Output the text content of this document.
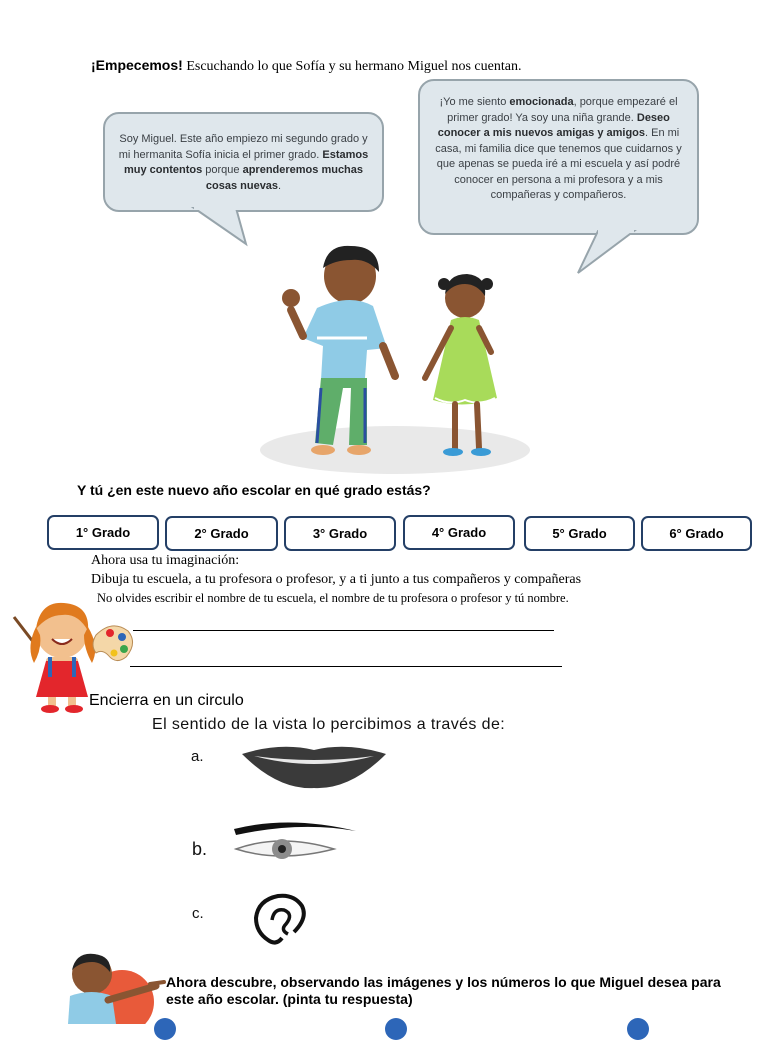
¡Empecemos! Escuchando lo que Sofía y su hermano Miguel nos cuentan.
Soy Miguel. Este año empiezo mi segundo grado y mi hermanita Sofía inicia el primer grado. Estamos muy contentos porque aprenderemos muchas cosas nuevas.
¡Yo me siento emocionada, porque empezaré el primer grado! Ya soy una niña grande. Deseo conocer a mis nuevos amigas y amigos. En mi casa, mi familia dice que tenemos que cuidarnos y que apenas se pueda iré a mi escuela y así podré conocer en persona a mi profesora y a mis compañeras y compañeros.
Y tú ¿en este nuevo año escolar en qué grado estás?
1° Grado	2° Grado	3° Grado	4° Grado	5° Grado	6° Grado
Ahora usa tu imaginación:
Dibuja tu escuela, a tu profesora o profesor, y a ti junto a tus compañeros y compañeras
No olvides escribir el nombre de tu escuela, el nombre de tu profesora o profesor y tú nombre.
Encierra en un circulo
El sentido de la vista lo percibimos a través de:
a.
b.
c.
Ahora descubre, observando las imágenes y los números lo que Miguel desea para este año escolar. (pinta tu respuesta)
